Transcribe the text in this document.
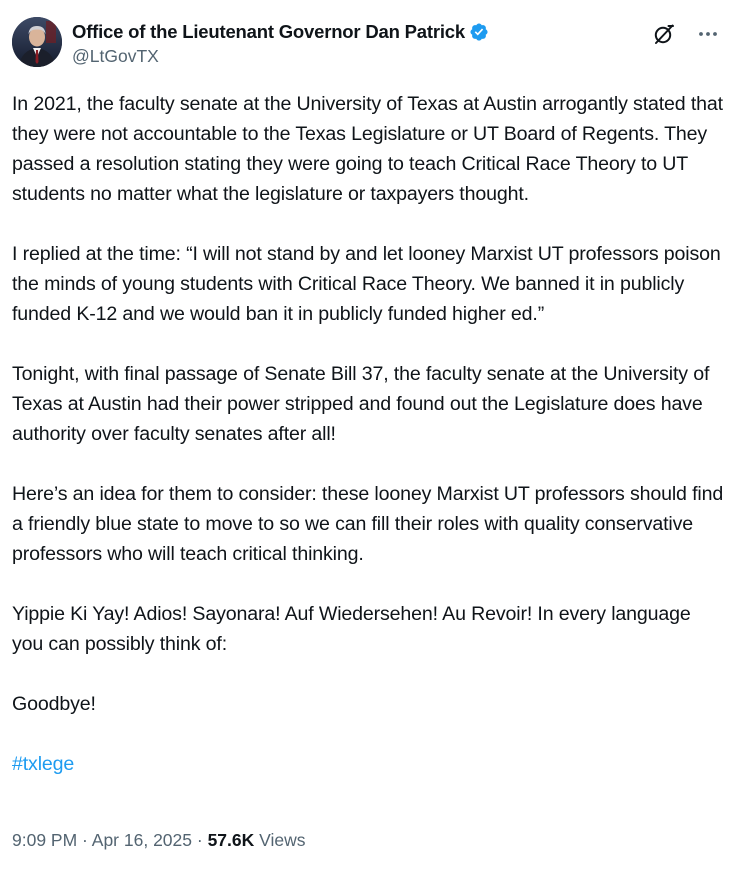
Office of the Lieutenant Governor Dan Patrick
@LtGovTX

In 2021, the faculty senate at the University of Texas at Austin arrogantly stated that they were not accountable to the Texas Legislature or UT Board of Regents. They passed a resolution stating they were going to teach Critical Race Theory to UT students no matter what the legislature or taxpayers thought.

I replied at the time: “I will not stand by and let looney Marxist UT professors poison the minds of young students with Critical Race Theory. We banned it in publicly funded K-12 and we would ban it in publicly funded higher ed.”

Tonight, with final passage of Senate Bill 37, the faculty senate at the University of Texas at Austin had their power stripped and found out the Legislature does have authority over faculty senates after all!

Here’s an idea for them to consider: these looney Marxist UT professors should find a friendly blue state to move to so we can fill their roles with quality conservative professors who will teach critical thinking.

Yippie Ki Yay! Adios! Sayonara! Auf Wiedersehen! Au Revoir! In every language you can possibly think of:

Goodbye!

#txlege

9:09 PM · Apr 16, 2025 · 57.6K Views
